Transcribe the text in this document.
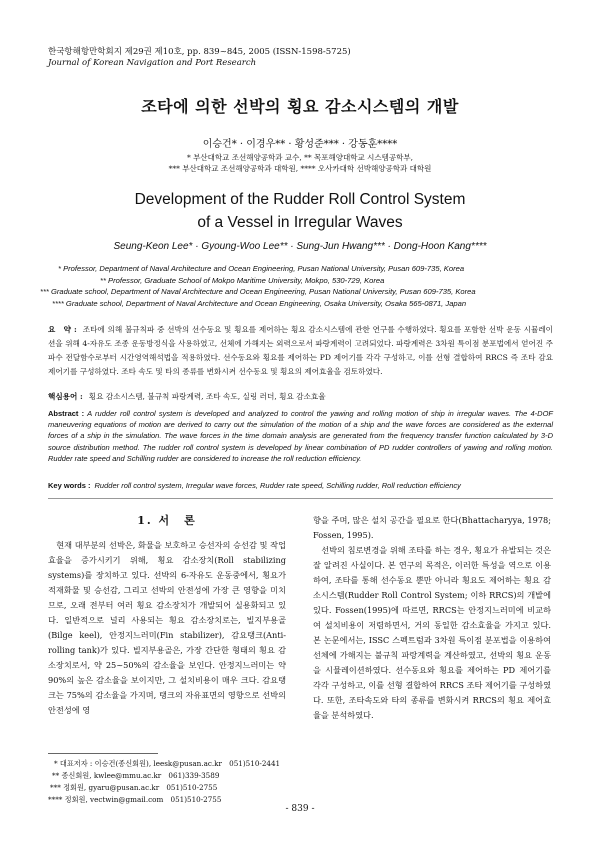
한국항해항만학회지 제29권 제10호, pp. 839~845, 2005 (ISSN-1598-5725)
Journal of Korean Navigation and Port Research
조타에 의한 선박의 횡요 감소시스템의 개발
이승건* · 이경우** · 황성준*** · 강동훈****
* 부산대학교 조선해양공학과 교수, ** 목포해양대학교 시스템공학부,
*** 부산대학교 조선해양공학과 대학원, **** 오사카대학 선박해양공학과 대학원
Development of the Rudder Roll Control System
of a Vessel in Irregular Waves
Seung-Keon Lee* · Gyoung-Woo Lee** · Sung-Jun Hwang*** · Dong-Hoon Kang****
* Professor, Department of Naval Architecture and Ocean Engineering, Pusan National University, Pusan 609-735, Korea
** Professor, Graduate School of Mokpo Maritime University, Mokpo, 530-729, Korea
*** Graduate school, Department of Naval Architecture and Ocean Engineering, Pusan National University, Pusan 609-735, Korea
**** Graduate school, Department of Naval Architecture and Ocean Engineering, Osaka University, Osaka 565-0871, Japan
요　약 : 조타에 의해 불규칙파 중 선박의 선수동요 및 횡요를 제어하는 횡요 감소시스템에 관한 연구를 수행하였다. 횡요를 포함한 선박 운동 시뮬레이션을 위해 4-자유도 조종 운동방정식을 사용하였고, 선체에 가해지는 외력으로서 파랑계력이 고려되었다. 파랑계력은 3차원 특이점 분포법에서 얻어진 주파수 전달함수로부터 시간영역해석법을 적용하였다. 선수동요와 횡요를 제어하는 PD 제어기를 각각 구성하고, 이를 선형 결합하여 RRCS 즉 조타 감요 제어기를 구성하였다. 조타 속도 및 타의 종류를 변화시켜 선수동요 및 횡요의 제어효율을 검토하였다.
핵심용어 : 횡요 감소시스템, 불규칙 파랑계력, 조타 속도, 실링 러더, 횡요 감소효율
Abstract : A rudder roll control system is developed and analyzed to control the yawing and rolling motion of ship in irregular waves. The 4-DOF maneuvering equations of motion are derived to carry out the simulation of the motion of a ship and the wave forces are considered as the external forces of a ship in the simulation. The wave forces in the time domain analysis are generated from the frequency transfer function calculated by 3-D source distribution method. The rudder roll control system is developed by linear combination of PD rudder controllers of yawing and rolling motion. Rudder rate speed and Schilling rudder are considered to increase the roll reduction efficiency.
Key words : Rudder roll control system, Irregular wave forces, Rudder rate speed, Schilling rudder, Roll reduction efficiency
1. 서　론

현재 대부분의 선박은, 화물을 보호하고 승선자의 승선감 및 작업효율을 증가시키기 위해, 횡요 감소장치(Roll stabilizing systems)를 장치하고 있다. 선박의 6-자유도 운동중에서, 횡요가 적재화물 및 승선감, 그리고 선박의 안전성에 가장 큰 영향을 미치므로, 오래 전부터 여러 횡요 감소장치가 개발되어 실용화되고 있다. 일반적으로 널리 사용되는 횡요 감소장치로는, 빌지부용골(Bilge keel), 안정지느러미(Fin stabilizer), 감요탱크(Anti-rolling tank)가 있다. 빌지부용골은, 가장 간단한 형태의 횡요 감소장치로서, 약 25~50%의 감소율을 보인다. 안정지느러미는 약 90%의 높은 감소율을 보이지만, 그 설치비용이 매우 크다. 감요탱크는 75%의 감소율을 가지며, 탱크의 자유표면의 영향으로 선박의 안전성에 영

향을 주며, 많은 설치 공간을 필요로 한다(Bhattacharyya, 1978; Fossen, 1995).

선박의 침로변경을 위해 조타를 하는 경우, 횡요가 유발되는 것은 잘 알려진 사실이다. 본 연구의 목적은, 이러한 특성을 역으로 이용하여, 조타를 통해 선수동요 뿐만 아니라 횡요도 제어하는 횡요 감소시스템(Rudder Roll Control System; 이하 RRCS)의 개발에 있다. Fossen(1995)에 따르면, RRCS는 안정지느러미에 비교하여 설치비용이 저렴하면서, 거의 동일한 감소효율을 가지고 있다. 본 논문에서는, ISSC 스펙트럼과 3차원 특이점 분포법을 이용하여 선체에 가해지는 불규칙 파랑계력을 계산하였고, 선박의 횡요 운동을 시뮬레이션하였다. 선수동요와 횡요를 제어하는 PD 제어기를 각각 구성하고, 이를 선형 결합하여 RRCS 조타 제어기를 구성하였다. 또한, 조타속도와 타의 종류를 변화시켜 RRCS의 횡요 제어효율을 분석하였다.

* 대표저자 : 이승건(종신회원), leesk@pusan.ac.kr　051)510-2441
** 종신회원, kwlee@mmu.ac.kr　061)339-3589
*** 정회원, gyaru@pusan.ac.kr　051)510-2755
**** 정회원, vectwin@gmail.com　051)510-2755
- 839 -
